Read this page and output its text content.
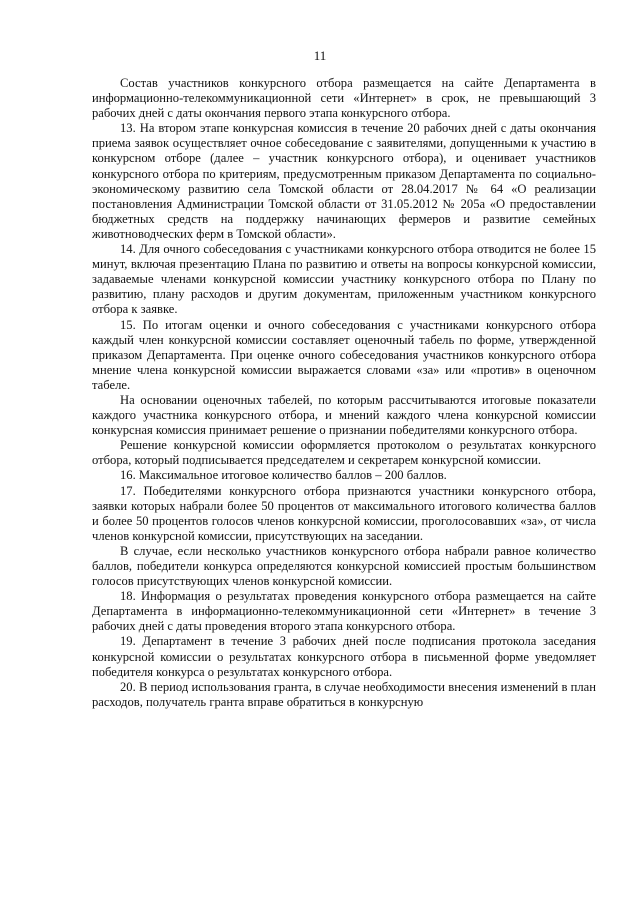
11

Состав участников конкурсного отбора размещается на сайте Департамента в информационно-телекоммуникационной сети «Интернет» в срок, не превышающий 3 рабочих дней с даты окончания первого этапа конкурсного отбора.

13. На втором этапе конкурсная комиссия в течение 20 рабочих дней с даты окончания приема заявок осуществляет очное собеседование с заявителями, допущенными к участию в конкурсном отборе (далее – участник конкурсного отбора), и оценивает участников конкурсного отбора по критериям, предусмотренным приказом Департамента по социально-экономическому развитию села Томской области от 28.04.2017 № 64 «О реализации постановления Администрации Томской области от 31.05.2012 № 205а «О предоставлении бюджетных средств на поддержку начинающих фермеров и развитие семейных животноводческих ферм в Томской области».

14. Для очного собеседования с участниками конкурсного отбора отводится не более 15 минут, включая презентацию Плана по развитию и ответы на вопросы конкурсной комиссии, задаваемые членами конкурсной комиссии участнику конкурсного отбора по Плану по развитию, плану расходов и другим документам, приложенным участником конкурсного отбора к заявке.

15. По итогам оценки и очного собеседования с участниками конкурсного отбора каждый член конкурсной комиссии составляет оценочный табель по форме, утвержденной приказом Департамента. При оценке очного собеседования участников конкурсного отбора мнение члена конкурсной комиссии выражается словами «за» или «против» в оценочном табеле.

На основании оценочных табелей, по которым рассчитываются итоговые показатели каждого участника конкурсного отбора, и мнений каждого члена конкурсной комиссии конкурсная комиссия принимает решение о признании победителями конкурсного отбора.

Решение конкурсной комиссии оформляется протоколом о результатах конкурсного отбора, который подписывается председателем и секретарем конкурсной комиссии.

16. Максимальное итоговое количество баллов – 200 баллов.

17. Победителями конкурсного отбора признаются участники конкурсного отбора, заявки которых набрали более 50 процентов от максимального итогового количества баллов и более 50 процентов голосов членов конкурсной комиссии, проголосовавших «за», от числа членов конкурсной комиссии, присутствующих на заседании.

В случае, если несколько участников конкурсного отбора набрали равное количество баллов, победители конкурса определяются конкурсной комиссией простым большинством голосов присутствующих членов конкурсной комиссии.

18. Информация о результатах проведения конкурсного отбора размещается на сайте Департамента в информационно-телекоммуникационной сети «Интернет» в течение 3 рабочих дней с даты проведения второго этапа конкурсного отбора.

19. Департамент в течение 3 рабочих дней после подписания протокола заседания конкурсной комиссии о результатах конкурсного отбора в письменной форме уведомляет победителя конкурса о результатах конкурсного отбора.

20. В период использования гранта, в случае необходимости внесения изменений в план расходов, получатель гранта вправе обратиться в конкурсную
